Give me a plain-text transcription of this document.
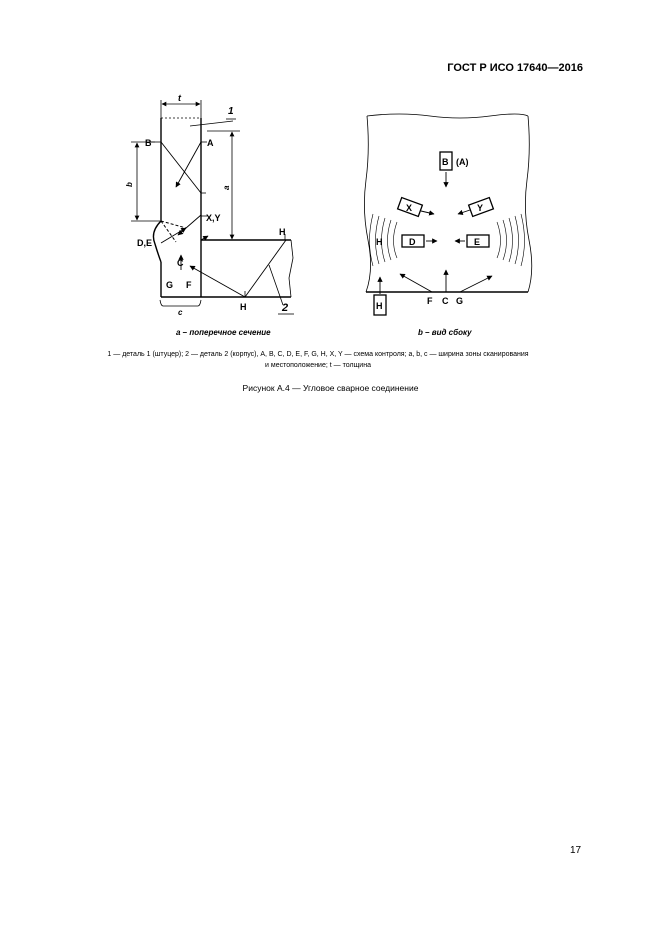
ГОСТ Р ИСО 17640—2016
t
1
B	A
b
a
X,Y
D,E
H
C
G F
H	2
c
B (A)
X	Y
H	D	E
H	F C G
a – поперечное сечение	b – вид сбоку
1 — деталь 1 (штуцер); 2 — деталь 2 (корпус), A, B, C, D, E, F, G, H, X, Y — схема контроля; a, b, c — ширина зоны сканирования
и местоположение; t — толщина
Рисунок А.4 — Угловое сварное соединение
17
